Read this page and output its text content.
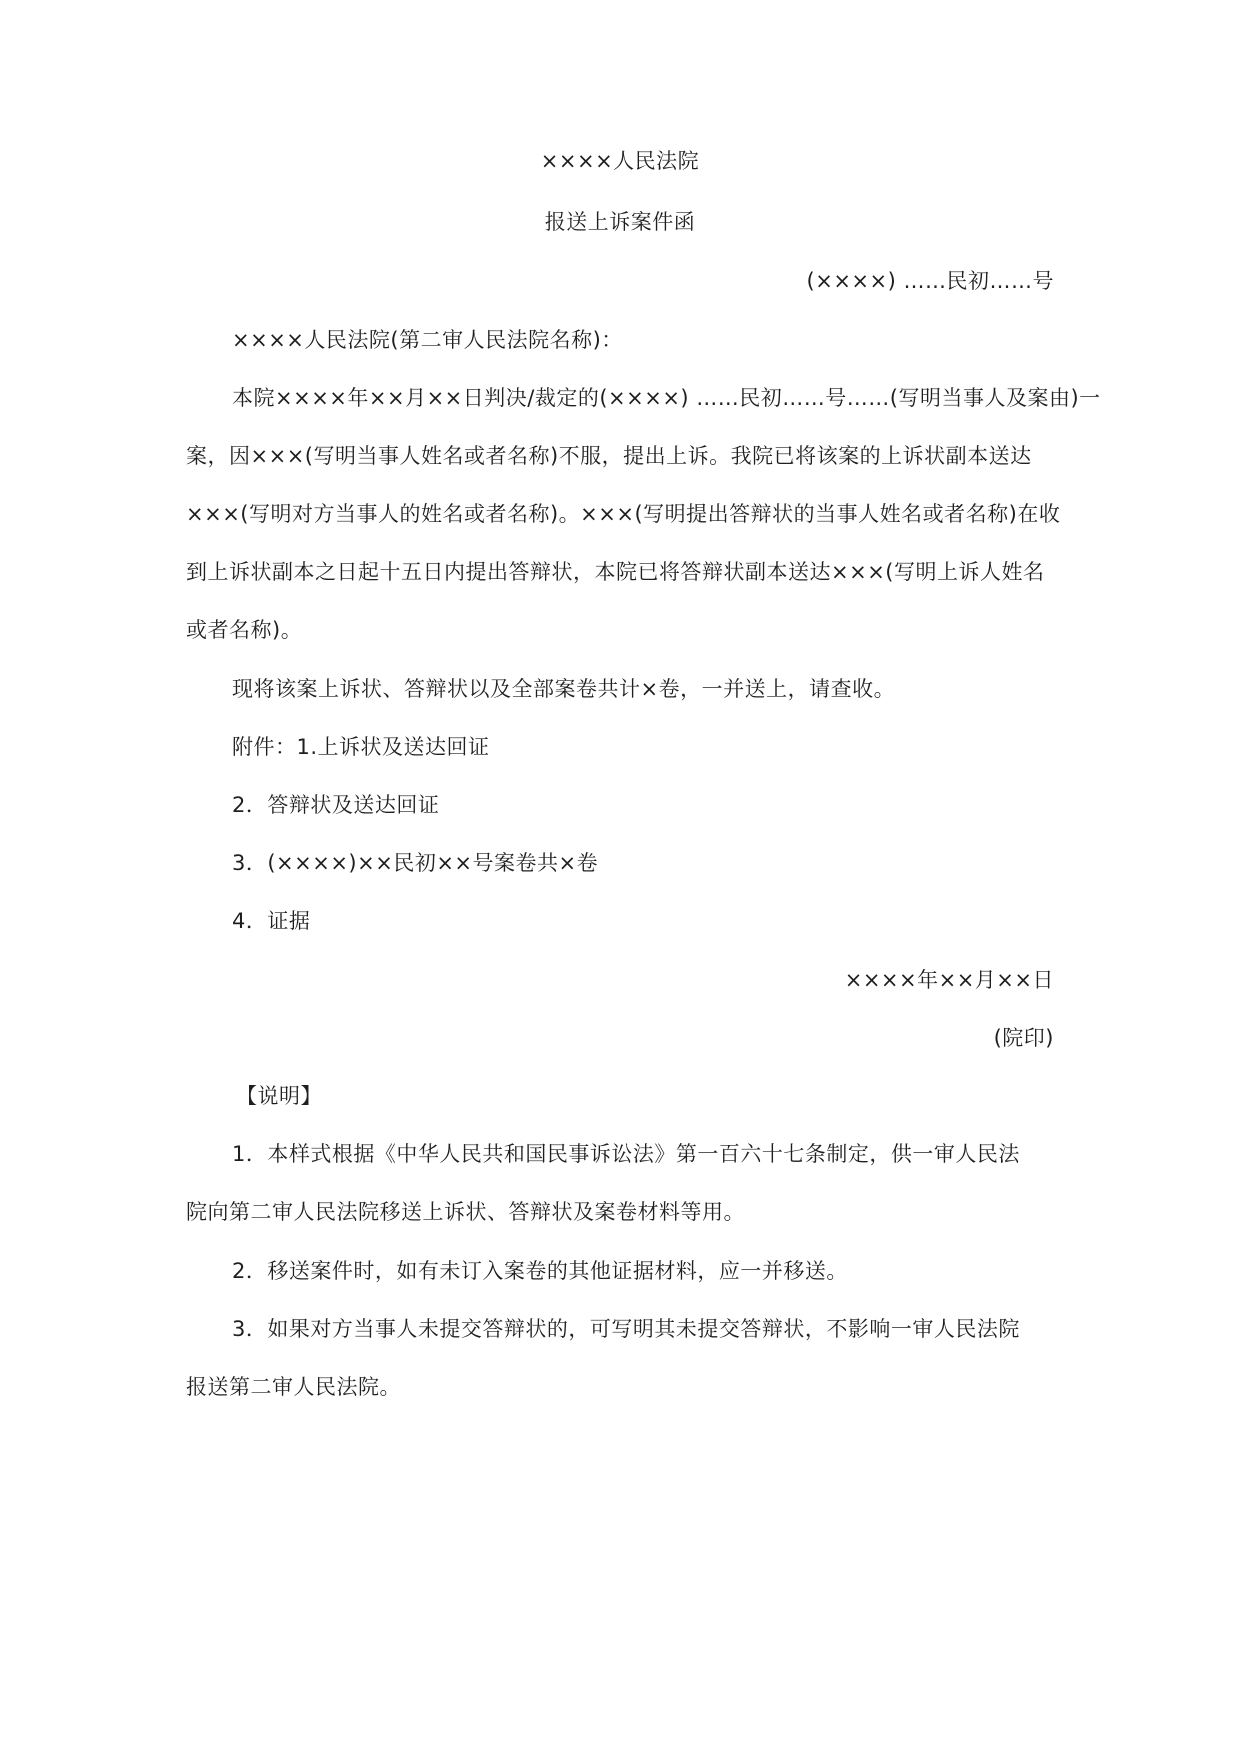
××××人民法院
报送上诉案件函
(××××) ……民初……号
××××人民法院(第二审人民法院名称)：
本院××××年××月××日判决/裁定的(××××) ……民初……号……(写明当事人及案由)一
案，因×××(写明当事人姓名或者名称)不服，提出上诉。我院已将该案的上诉状副本送达
×××(写明对方当事人的姓名或者名称)。×××(写明提出答辩状的当事人姓名或者名称)在收
到上诉状副本之日起十五日内提出答辩状，本院已将答辩状副本送达×××(写明上诉人姓名
或者名称)。
现将该案上诉状、答辩状以及全部案卷共计×卷，一并送上，请查收。
附件：1.上诉状及送达回证
2．答辩状及送达回证
3．(××××)××民初××号案卷共×卷
4．证据
××××年××月××日
(院印)
【说明】
1．本样式根据《中华人民共和国民事诉讼法》第一百六十七条制定，供一审人民法
院向第二审人民法院移送上诉状、答辩状及案卷材料等用。
2．移送案件时，如有未订入案卷的其他证据材料，应一并移送。
3．如果对方当事人未提交答辩状的，可写明其未提交答辩状，不影响一审人民法院
报送第二审人民法院。
